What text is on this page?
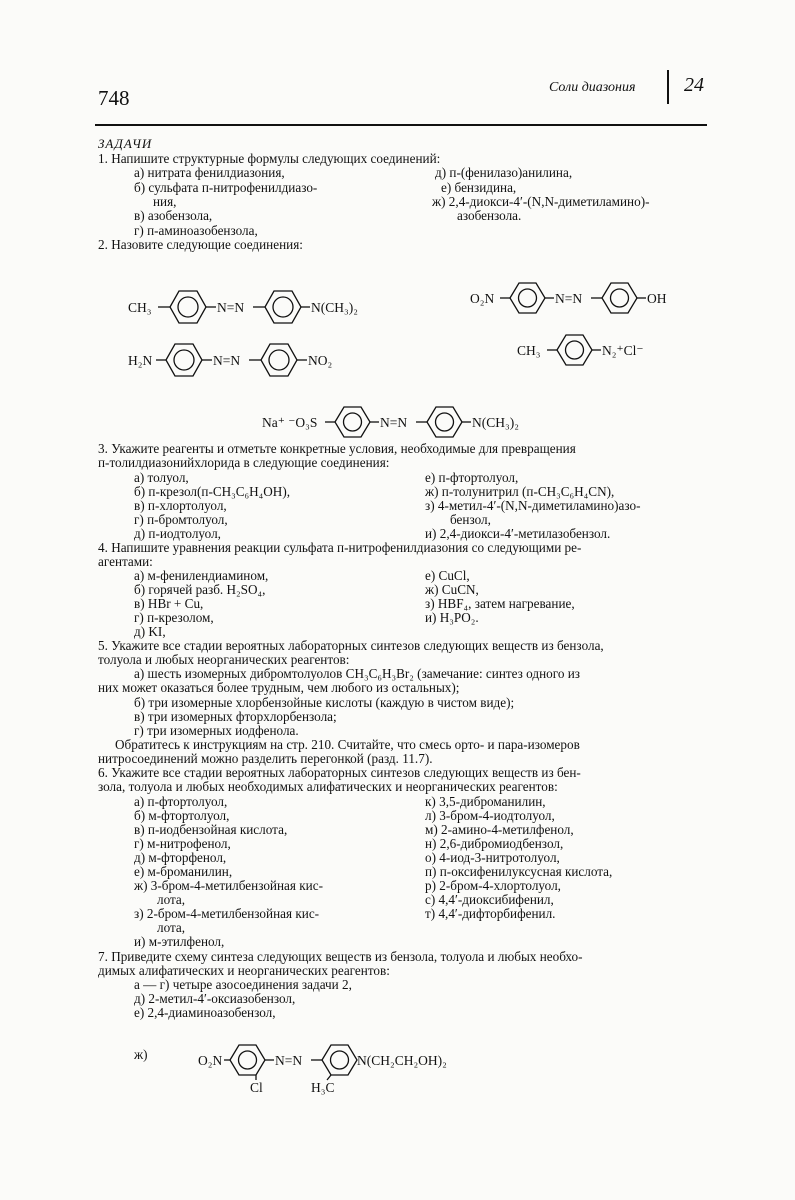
748	Соли диазония 24
ЗАДАЧИ
1. Напишите структурные формулы следующих соединений:
а) нитрата фенилдиазония,	д) п-(фенилазо)анилина,
б) сульфата п-нитрофенилдиазо-	е) бензидина,
ния,	ж) 2,4-диокси-4′-(N,N-диметиламино)-
в) азобензола,	азобензола.
г) п-аминоазобензола,
2. Назовите следующие соединения:
3. Укажите реагенты и отметьте конкретные условия, необходимые для превращения
п-толилдиазонийхлорида в следующие соединения:
а) толуол,	е) п-фтортолуол,
б) п-крезол(п-CH₃C₆H₄OH),	ж) п-толунитрил (п-CH₃C₆H₄CN),
в) п-хлортолуол,	з) 4-метил-4′-(N,N-диметиламино)азо-
г) п-бромтолуол,	бензол,
д) п-иодтолуол,	и) 2,4-диокси-4′-метилазобензол.
4. Напишите уравнения реакции сульфата п-нитрофенилдиазония со следующими ре-
агентами:
а) м-фенилендиамином,	е) CuCl,
б) горячей разб. H₂SO₄,	ж) CuCN,
в) HBr + Cu,	з) HBF₄, затем нагревание,
г) п-крезолом,	и) H₃PO₂.
д) KI,
5. Укажите все стадии вероятных лабораторных синтезов следующих веществ из бензола,
толуола и любых неорганических реагентов:
а) шесть изомерных дибромтолуолов CH₃C₆H₃Br₂ (замечание: синтез одного из
них может оказаться более трудным, чем любого из остальных);
б) три изомерные хлорбензойные кислоты (каждую в чистом виде);
в) три изомерных фторхлорбензола;
г) три изомерных иодфенола.
Обратитесь к инструкциям на стр. 210. Считайте, что смесь орто- и пара-изомеров
нитросоединений можно разделить перегонкой (разд. 11.7).
6. Укажите все стадии вероятных лабораторных синтезов следующих веществ из бен-
зола, толуола и любых необходимых алифатических и неорганических реагентов:
а) п-фтортолуол,	к) 3,5-диброманилин,
б) м-фтортолуол,	л) 3-бром-4-иодтолуол,
в) п-иодбензойная кислота,	м) 2-амино-4-метилфенол,
г) м-нитрофенол,	н) 2,6-дибромиодбензол,
д) м-фторфенол,	о) 4-иод-3-нитротолуол,
е) м-броманилин,	п) п-оксифенилуксусная кислота,
ж) 3-бром-4-метилбензойная кис-	р) 2-бром-4-хлортолуол,
лота,	с) 4,4′-диоксибифенил,
з) 2-бром-4-метилбензойная кис-	т) 4,4′-дифторбифенил.
лота,
и) м-этилфенол,
7. Приведите схему синтеза следующих веществ из бензола, толуола и любых необхо-
димых алифатических и неорганических реагентов:
а — г) четыре азосоединения задачи 2,
д) 2-метил-4′-оксиазобензол,
е) 2,4-диаминоазобензол,
ж)
CH₃	N=N	N(CH₃)₂
O₂N	N=N	OH
H₂N	N=N	NO₂
CH₃	N₂⁺Cl⁻
Na⁺ ⁻O₃S	N=N	N(CH₃)₂
O₂N
Cl
N=N
H₃C
N(CH₂CH₂OH)₂
